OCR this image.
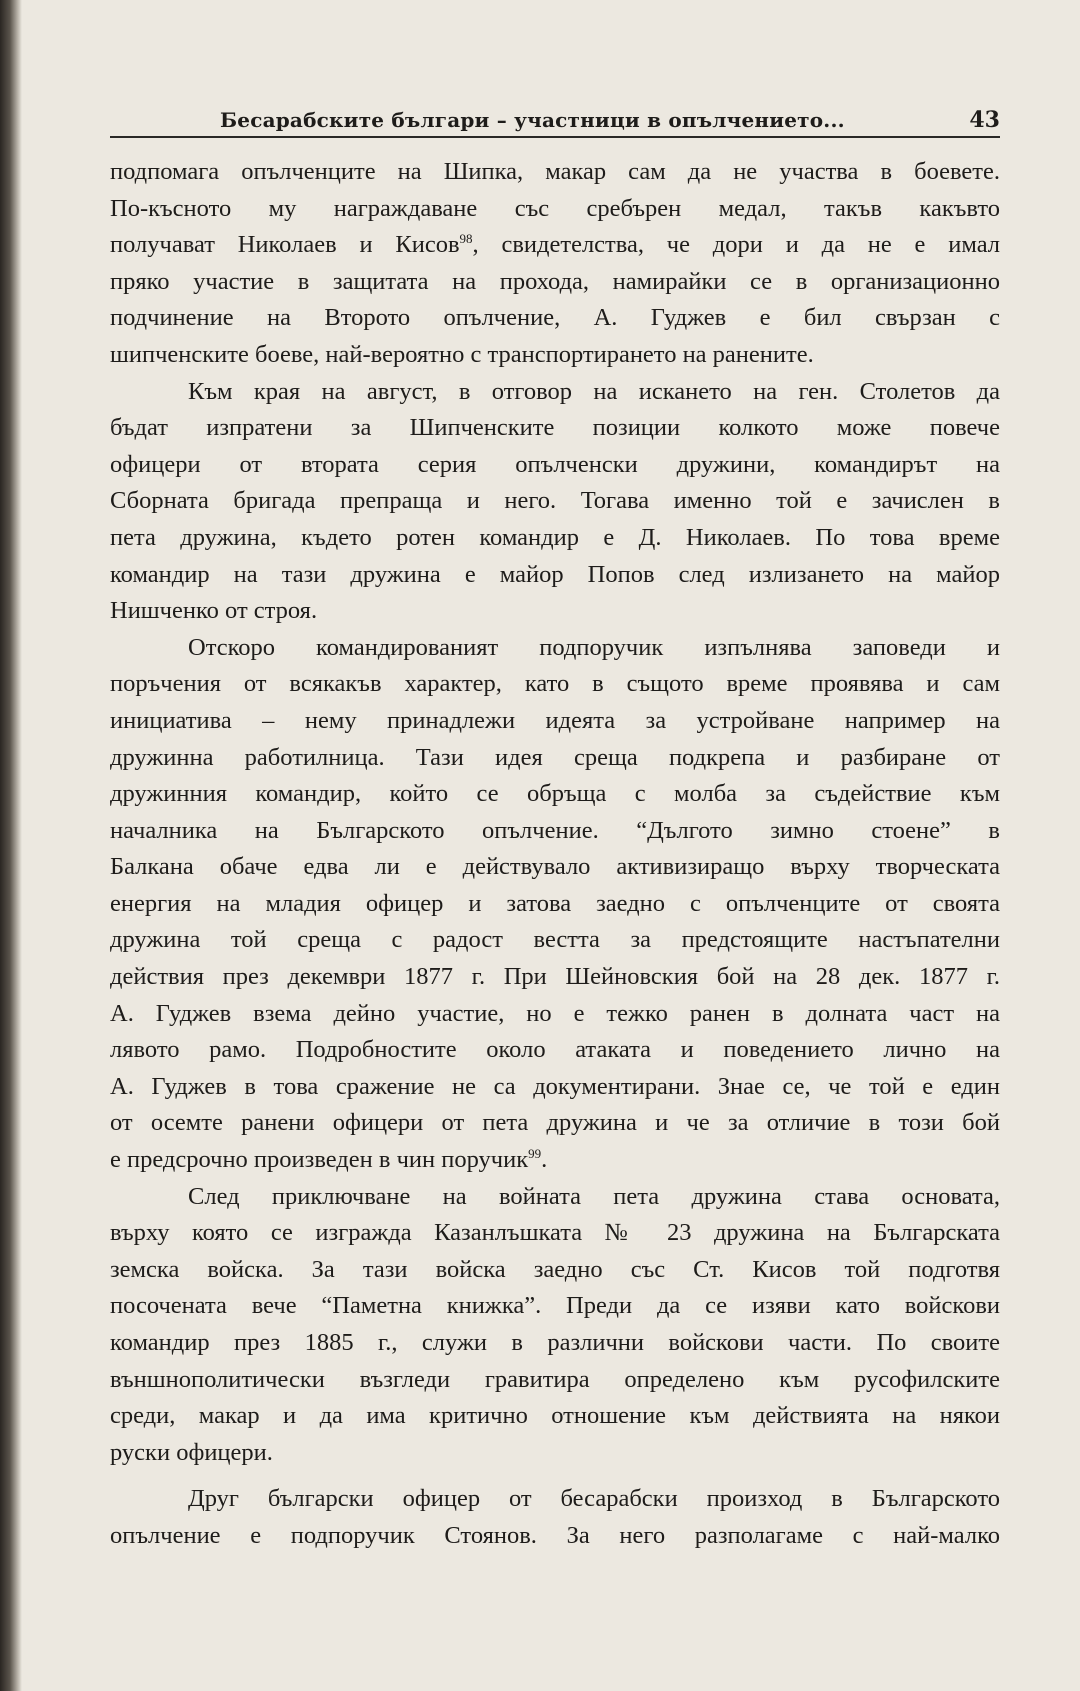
Бесарабските българи – участници в опълчението...	43
подпомага опълченците на Шипка, макар сам да не участва в боевете.
По-късното му награждаване със сребърен медал, такъв какъвто
получават Николаев и Кисов$^{98}$, свидетелства, че дори и да не е имал
пряко участие в защитата на прохода, намирайки се в организационно
подчинение на Второто опълчение, А. Гуджев е бил свързан с
шипченските боеве, най-вероятно с транспортирането на ранените.
Към края на август, в отговор на искането на ген. Столетов да
бъдат изпратени за Шипченските позиции колкото може повече
офицери от втората серия опълченски дружини, командирът на
Сборната бригада препраща и него. Тогава именно той е зачислен в
пета дружина, където ротен командир е Д. Николаев. По това време
командир на тази дружина е майор Попов след излизането на майор
Нишченко от строя.
Отскоро командированият подпоручик изпълнява заповеди и
поръчения от всякакъв характер, като в същото време проявява и сам
инициатива – нему принадлежи идеята за устройване например на
дружинна работилница. Тази идея среща подкрепа и разбиране от
дружинния командир, който се обръща с молба за съдействие към
началника на Българското опълчение. “Дългото зимно стоене” в
Балкана обаче едва ли е действувало активизиращо върху творческата
енергия на младия офицер и затова заедно с опълченците от своята
дружина той среща с радост вестта за предстоящите настъпателни
действия през декември 1877 г. При Шейновския бой на 28 дек. 1877 г.
А. Гуджев взема дейно участие, но е тежко ранен в долната част на
лявото рамо. Подробностите около атаката и поведението лично на
А. Гуджев в това сражение не са документирани. Знае се, че той е един
от осемте ранени офицери от пета дружина и че за отличие в този бой
е предсрочно произведен в чин поручик$^{99}$.
След приключване на войната пета дружина става основата,
върху която се изгражда Казанлъшката № 23 дружина на Българската
земска войска. За тази войска заедно със Ст. Кисов той подготвя
посочената вече “Паметна книжка”. Преди да се изяви като войскови
командир през 1885 г., служи в различни войскови части. По своите
външнополитически възгледи гравитира определено към русофилските
среди, макар и да има критично отношение към действията на някои
руски офицери.
Друг български офицер от бесарабски произход в Българското
опълчение е подпоручик Стоянов. За него разполагаме с най-малко
